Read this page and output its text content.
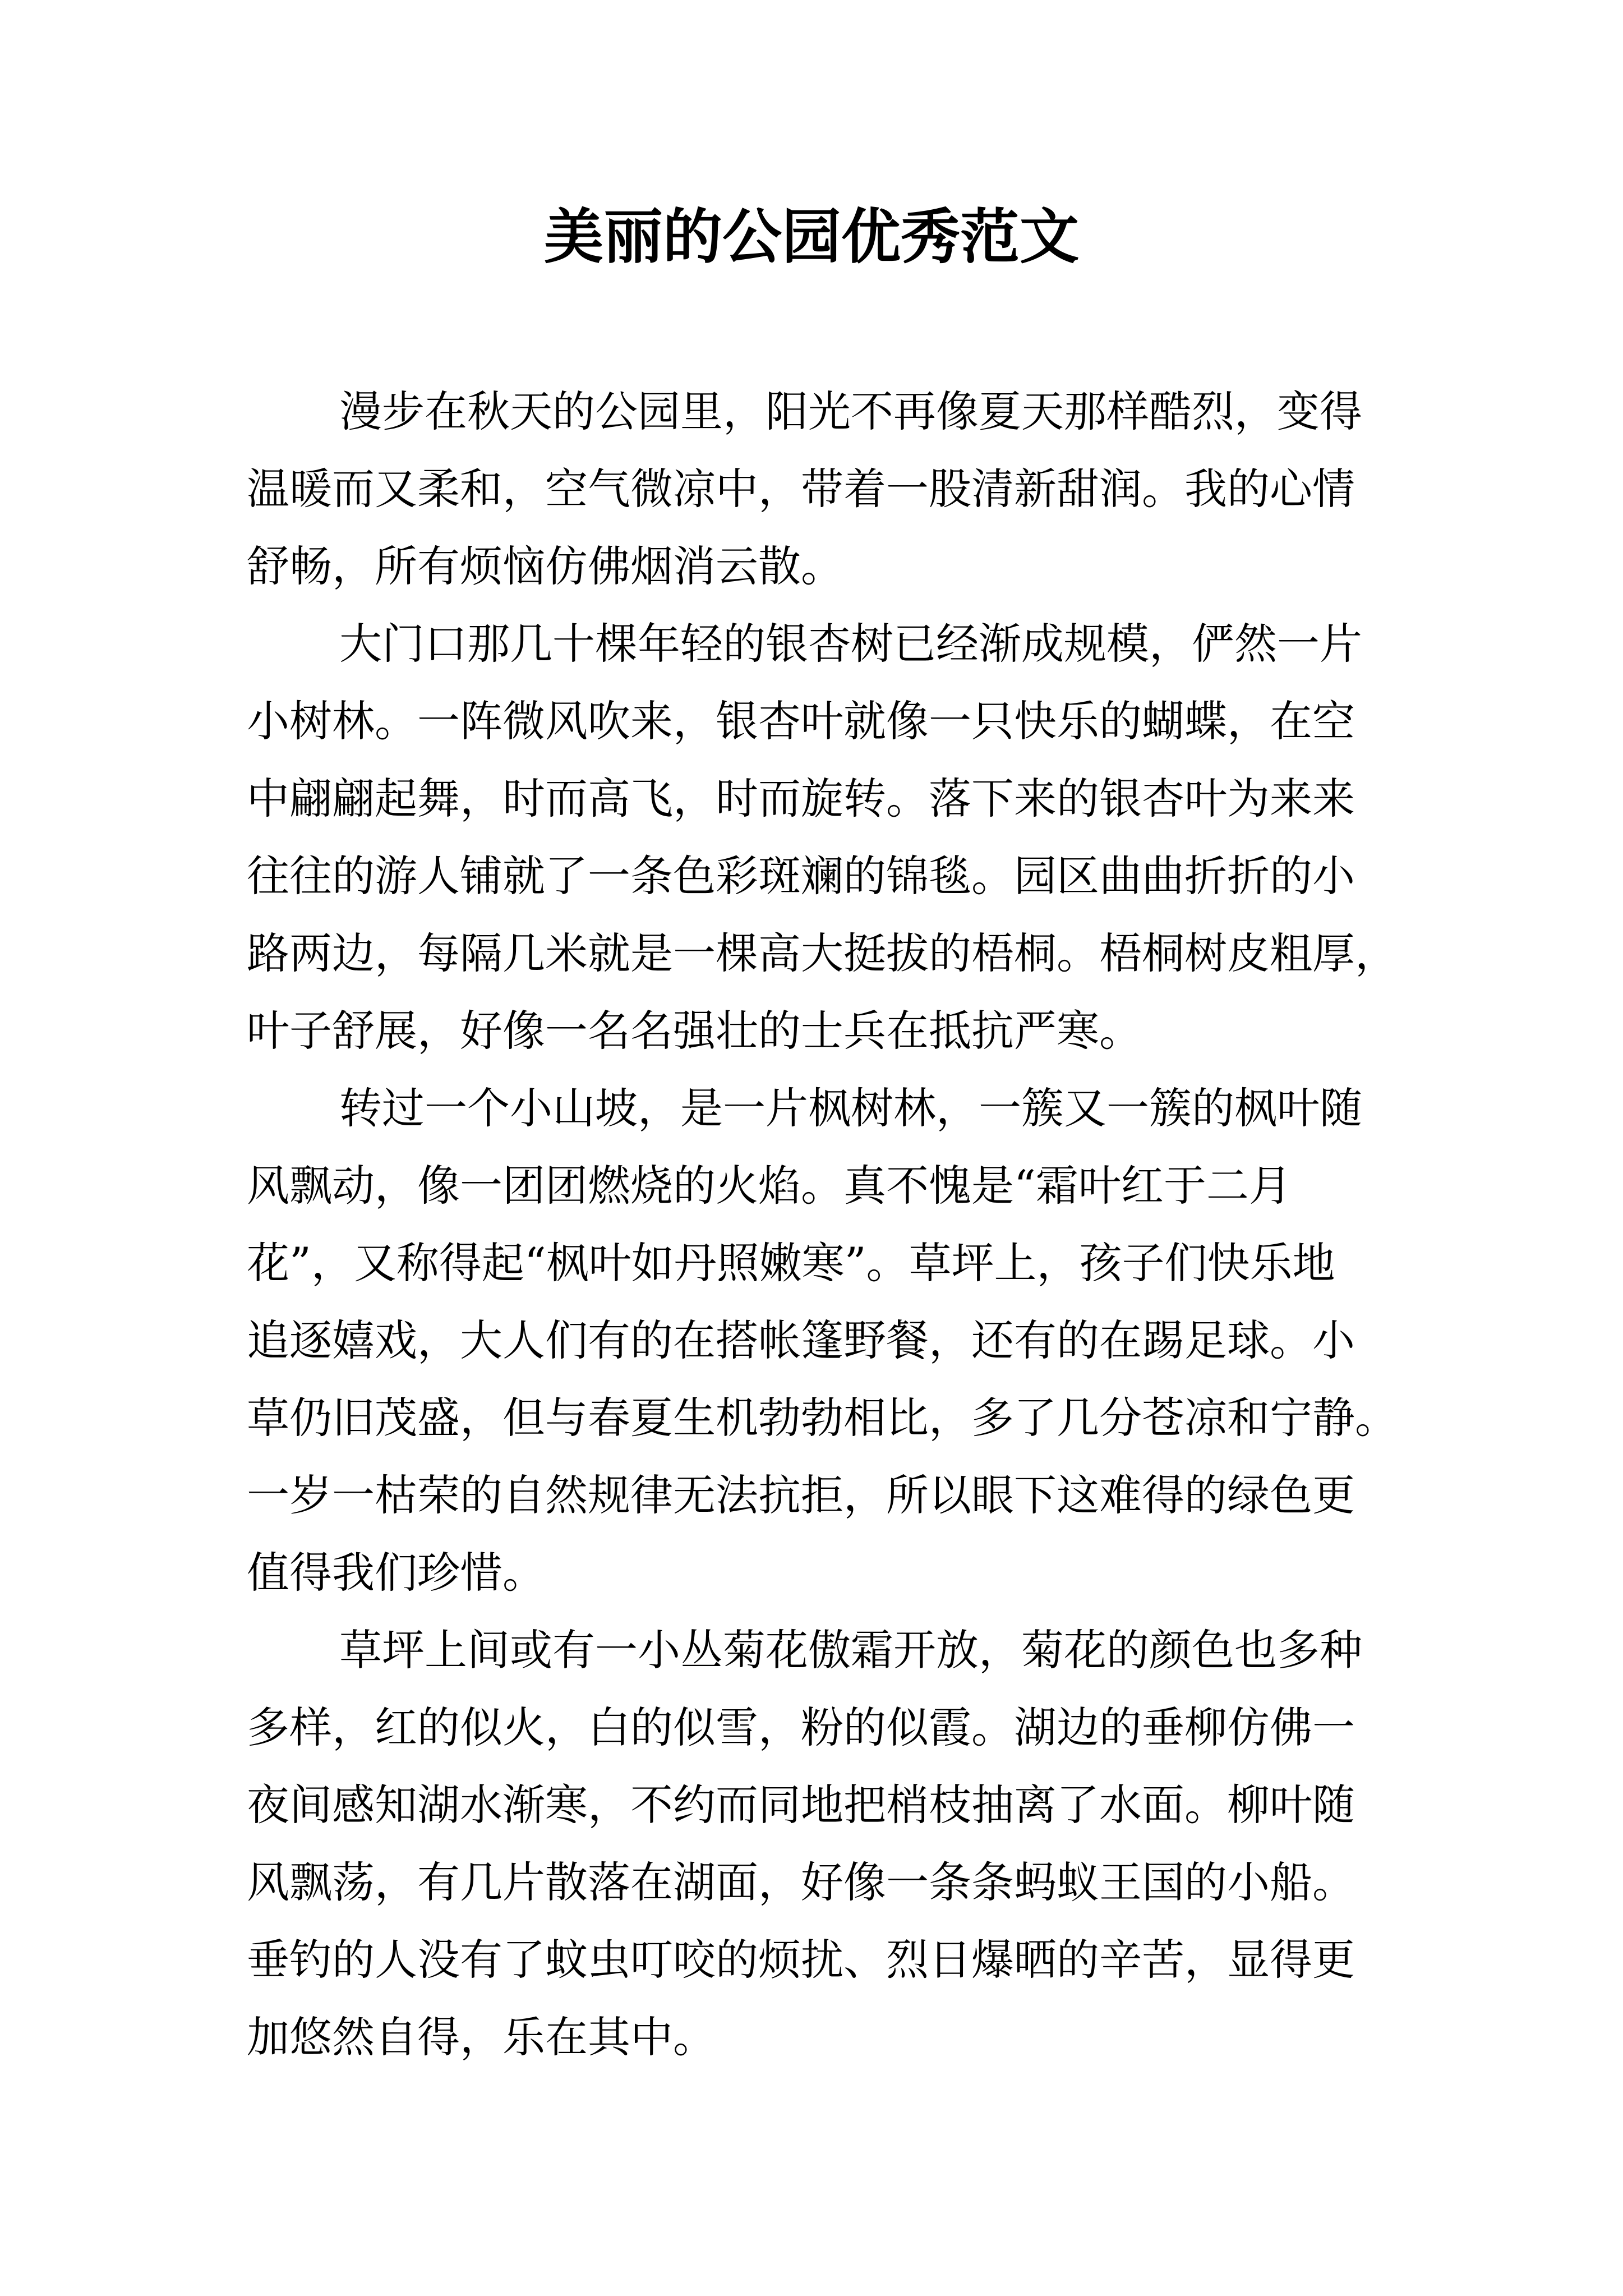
美丽的公园优秀范文
漫步在秋天的公园里，阳光不再像夏天那样酷烈，变得
温暖而又柔和，空气微凉中，带着一股清新甜润。我的心情
舒畅，所有烦恼仿佛烟消云散。
大门口那几十棵年轻的银杏树已经渐成规模，俨然一片
小树林。一阵微风吹来，银杏叶就像一只快乐的蝴蝶，在空
中翩翩起舞，时而高飞，时而旋转。落下来的银杏叶为来来
往往的游人铺就了一条色彩斑斓的锦毯。园区曲曲折折的小
路两边，每隔几米就是一棵高大挺拔的梧桐。梧桐树皮粗厚，
叶子舒展，好像一名名强壮的士兵在抵抗严寒。
转过一个小山坡，是一片枫树林，一簇又一簇的枫叶随
风飘动，像一团团燃烧的火焰。真不愧是“霜叶红于二月
花”，又称得起“枫叶如丹照嫩寒”。草坪上，孩子们快乐地
追逐嬉戏，大人们有的在搭帐篷野餐，还有的在踢足球。小
草仍旧茂盛，但与春夏生机勃勃相比，多了几分苍凉和宁静。
一岁一枯荣的自然规律无法抗拒，所以眼下这难得的绿色更
值得我们珍惜。
草坪上间或有一小丛菊花傲霜开放，菊花的颜色也多种
多样，红的似火，白的似雪，粉的似霞。湖边的垂柳仿佛一
夜间感知湖水渐寒，不约而同地把梢枝抽离了水面。柳叶随
风飘荡，有几片散落在湖面，好像一条条蚂蚁王国的小船。
垂钓的人没有了蚊虫叮咬的烦扰、烈日爆晒的辛苦，显得更
加悠然自得，乐在其中。
